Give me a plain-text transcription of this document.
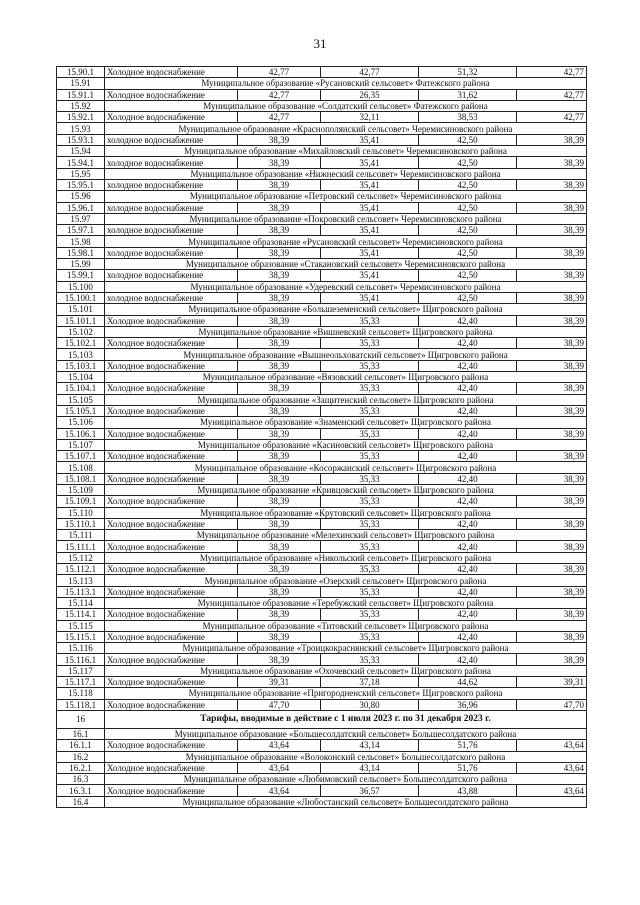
31
15.90.1	Холодное водоснабжение	42,77	42,77	51,32	42,77
15.91	Муниципальное образование «Русановский сельсовет» Фатежского района				
15.91.1	Холодное водоснабжение	42,77	26,35	31,62	42,77
15.92	Муниципальное образование «Солдатский сельсовет» Фатежского района				
15.92.1	Холодное водоснабжение	42,77	32,11	38,53	42,77
15.93	Муниципальное образование «Краснополянский сельсовет» Черемисиновского района				
15.93.1	холодное водоснабжение	38,39	35,41	42,50	38,39
15.94	Муниципальное образование «Михайловский сельсовет» Черемисиновского района				
15.94.1	холодное водоснабжение	38,39	35,41	42,50	38,39
15.95	Муниципальное образование «Нижнеский сельсовет» Черемисиновского района				
15.95.1	холодное водоснабжение	38,39	35,41	42,50	38,39
15.96	Муниципальное образование «Петровский сельсовет» Черемисиновского района				
15.96.1	холодное водоснабжение	38,39	35,41	42,50	38,39
15.97	Муниципальное образование «Покровский сельсовет» Черемисиновского района				
15.97.1	холодное водоснабжение	38,39	35,41	42,50	38,39
15.98	Муниципальное образование «Русановский сельсовет» Черемисиновского района				
15.98.1	холодное водоснабжение	38,39	35,41	42,50	38,39
15.99	Муниципальное образование «Стакановский сельсовет» Черемисиновского района				
15.99.1	холодное водоснабжение	38,39	35,41	42,50	38,39
15.100	Муниципальное образование «Удеревский сельсовет» Черемисиновского района				
15.100.1	холодное водоснабжение	38,39	35,41	42,50	38,39
15.101	Муниципальное образование «Большеземенский сельсовет» Щигровского района				
15.101.1	Холодное водоснабжение	38,39	35,33	42,40	38,39
15.102	Муниципальное образование «Вишневский сельсовет» Щигровского района				
15.102.1	Холодное водоснабжение	38,39	35,33	42,40	38,39
15.103	Муниципальное образование «Вышнеольховатский сельсовет» Щигровского района				
15.103.1	Холодное водоснабжение	38,39	35,33	42,40	38,39
15.104	Муниципальное образование «Вязовский сельсовет» Щигровского района				
15.104.1	Холодное водоснабжение	38,39	35,33	42,40	38,39
15.105	Муниципальное образование «Защитенский сельсовет» Щигровского района				
15.105.1	Холодное водоснабжение	38,39	35,33	42,40	38,39
15.106	Муниципальное образование «Знаменский сельсовет» Щигровского района				
15.106.1	Холодное водоснабжение	38,39	35,33	42,40	38,39
15.107	Муниципальное образование «Касиновский сельсовет» Щигровского района				
15.107.1	Холодное водоснабжение	38,39	35,33	42,40	38,39
15.108	Муниципальное образование «Косоржанский сельсовет» Щигровского района				
15.108.1	Холодное водоснабжение	38,39	35,33	42,40	38,39
15.109	Муниципальное образование «Кривцовский сельсовет» Щигровского района				
15.109.1	Холодное водоснабжение	38,39	35,33	42,40	38,39
15.110	Муниципальное образование «Крутовский сельсовет» Щигровского района				
15.110.1	Холодное водоснабжение	38,39	35,33	42,40	38,39
15.111	Муниципальное образование «Мелехинский сельсовет» Щигровского района				
15.111.1	Холодное водоснабжение	38,39	35,33	42,40	38,39
15.112	Муниципальное образование «Никольский сельсовет» Щигровского района				
15.112.1	Холодное водоснабжение	38,39	35,33	42,40	38,39
15.113	Муниципальное образование «Озерский сельсовет» Щигровского района				
15.113.1	Холодное водоснабжение	38,39	35,33	42,40	38,39
15.114	Муниципальное образование «Теребужский сельсовет» Щигровского района				
15.114.1	Холодное водоснабжение	38,39	35,33	42,40	38,39
15.115	Муниципальное образование «Титовский сельсовет» Щигровского района				
15.115.1	Холодное водоснабжение	38,39	35,33	42,40	38,39
15.116	Муниципальное образование «Троицкокраснянский сельсовет» Щигровского района				
15.116.1	Холодное водоснабжение	38,39	35,33	42,40	38,39
15.117	Муниципальное образование «Охочевский сельсовет» Щигровского района				
15.117.1	Холодное водоснабжение	39,31	37,18	44,62	39,31
15.118	Муниципальное образование «Пригородненский сельсовет» Щигровского района				
15.118.1	Холодное водоснабжение	47,70	30,80	36,96	47,70
16	Тарифы, вводимые в действие с 1 июля 2023 г. по 31 декабря 2023 г.				
16.1	Муниципальное образование «Большесолдатский сельсовет» Большесолдатского района				
16.1.1	Холодное водоснабжение	43,64	43,14	51,76	43,64
16.2	Муниципальное образование «Волоконский сельсовет» Большесолдатского района				
16.2.1	Холодное водоснабжение	43,64	43,14	51,76	43,64
16.3	Муниципальное образование «Любимовский сельсовет» Большесолдатского района				
16.3.1	Холодное водоснабжение	43,64	36,57	43,88	43,64
16.4	Муниципальное образование «Любостанский сельсовет» Большесолдатского района				
